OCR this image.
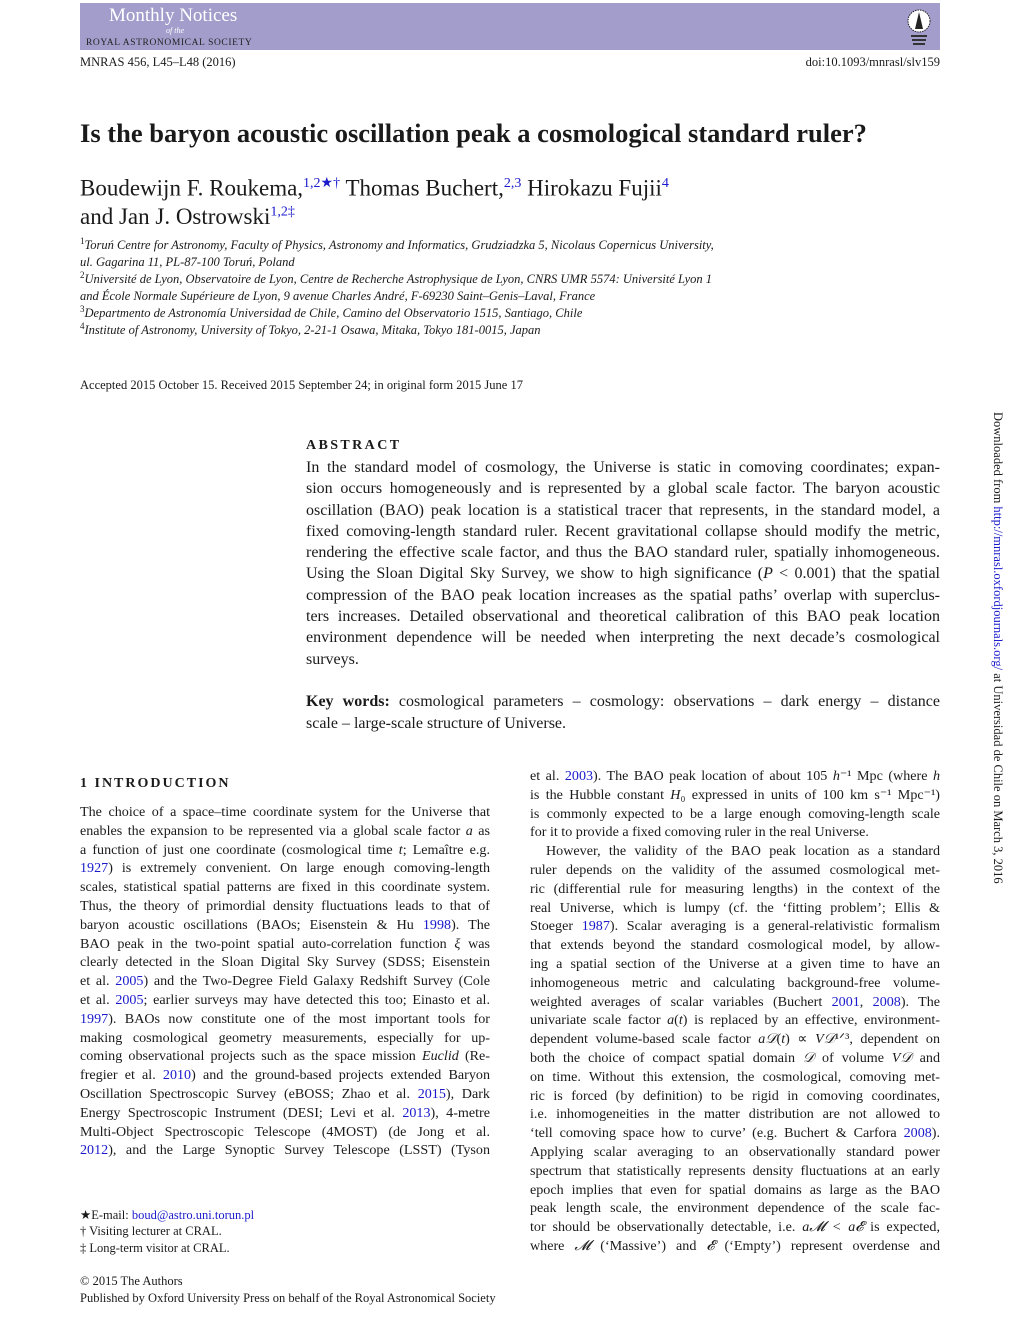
Monthly Notices
of the
ROYAL ASTRONOMICAL SOCIETY
MNRAS 456, L45–L48 (2016)	doi:10.1093/mnrasl/slv159
Is the baryon acoustic oscillation peak a cosmological standard ruler?
Boudewijn F. Roukema,$^{1,2★\dagger}$ Thomas Buchert,$^{2,3}$ Hirokazu Fujii$^4$
and Jan J. Ostrowski$^{1,2\ddagger}$
$^1$Toruń Centre for Astronomy, Faculty of Physics, Astronomy and Informatics, Grudziadzka 5, Nicolaus Copernicus University,
ul. Gagarina 11, PL-87-100 Toruń, Poland
$^2$Université de Lyon, Observatoire de Lyon, Centre de Recherche Astrophysique de Lyon, CNRS UMR 5574: Université Lyon 1
and École Normale Supérieure de Lyon, 9 avenue Charles André, F-69230 Saint–Genis–Laval, France
$^3$Departmento de Astronomía Universidad de Chile, Camino del Observatorio 1515, Santiago, Chile
$^4$Institute of Astronomy, University of Tokyo, 2-21-1 Osawa, Mitaka, Tokyo 181-0015, Japan
Accepted 2015 October 15. Received 2015 September 24; in original form 2015 June 17
ABSTRACT
In the standard model of cosmology, the Universe is static in comoving coordinates; expan-
sion occurs homogeneously and is represented by a global scale factor. The baryon acoustic
oscillation (BAO) peak location is a statistical tracer that represents, in the standard model, a
fixed comoving-length standard ruler. Recent gravitational collapse should modify the metric,
rendering the effective scale factor, and thus the BAO standard ruler, spatially inhomogeneous.
Using the Sloan Digital Sky Survey, we show to high significance (P < 0.001) that the spatial
compression of the BAO peak location increases as the spatial paths’ overlap with superclus-
ters increases. Detailed observational and theoretical calibration of this BAO peak location
environment dependence will be needed when interpreting the next decade’s cosmological
surveys.
Key words: cosmological parameters – cosmology: observations – dark energy – distance
scale – large-scale structure of Universe.
1 INTRODUCTION
The choice of a space–time coordinate system for the Universe that
enables the expansion to be represented via a global scale factor a as
a function of just one coordinate (cosmological time t; Lemaître e.g.
1927) is extremely convenient. On large enough comoving-length
scales, statistical spatial patterns are fixed in this coordinate system.
Thus, the theory of primordial density fluctuations leads to that of
baryon acoustic oscillations (BAOs; Eisenstein & Hu 1998). The
BAO peak in the two-point spatial auto-correlation function ξ was
clearly detected in the Sloan Digital Sky Survey (SDSS; Eisenstein
et al. 2005) and the Two-Degree Field Galaxy Redshift Survey (Cole
et al. 2005; earlier surveys may have detected this too; Einasto et al.
1997). BAOs now constitute one of the most important tools for
making cosmological geometry measurements, especially for up-
coming observational projects such as the space mission Euclid (Re-
fregier et al. 2010) and the ground-based projects extended Baryon
Oscillation Spectroscopic Survey (eBOSS; Zhao et al. 2015), Dark
Energy Spectroscopic Instrument (DESI; Levi et al. 2013), 4-metre
Multi-Object Spectroscopic Telescope (4MOST) (de Jong et al.
2012), and the Large Synoptic Survey Telescope (LSST) (Tyson
et al. 2003). The BAO peak location of about 105 h⁻¹ Mpc (where h
is the Hubble constant H₀ expressed in units of 100 km s⁻¹ Mpc⁻¹)
is commonly expected to be a large enough comoving-length scale
for it to provide a fixed comoving ruler in the real Universe.
However, the validity of the BAO peak location as a standard
ruler depends on the validity of the assumed cosmological met-
ric (differential rule for measuring lengths) in the context of the
real Universe, which is lumpy (cf. the ‘fitting problem’; Ellis &
Stoeger 1987). Scalar averaging is a general-relativistic formalism
that extends beyond the standard cosmological model, by allow-
ing a spatial section of the Universe at a given time to have an
inhomogeneous metric and calculating background-free volume-
weighted averages of scalar variables (Buchert 2001, 2008). The
univariate scale factor a(t) is replaced by an effective, environment-
dependent volume-based scale factor a𝒟(t) ∝ V𝒟¹ᐟ³, dependent on
both the choice of compact spatial domain 𝒟 of volume V𝒟 and
on time. Without this extension, the cosmological, comoving met-
ric is forced (by definition) to be rigid in comoving coordinates,
i.e. inhomogeneities in the matter distribution are not allowed to
‘tell comoving space how to curve’ (e.g. Buchert & Carfora 2008).
Applying scalar averaging to an observationally standard power
spectrum that statistically represents density fluctuations at an early
epoch implies that even for spatial domains as large as the BAO
peak length scale, the environment dependence of the scale fac-
tor should be observationally detectable, i.e. a𝓜 < a𝓔 is expected,
where 𝓜 (‘Massive’) and 𝓔 (‘Empty’) represent overdense and
★E-mail: boud@astro.uni.torun.pl
† Visiting lecturer at CRAL.
‡ Long-term visitor at CRAL.
© 2015 The Authors
Published by Oxford University Press on behalf of the Royal Astronomical Society
Downloaded from http://mnrasl.oxfordjournals.org/ at Universidad de Chile on March 3, 2016
